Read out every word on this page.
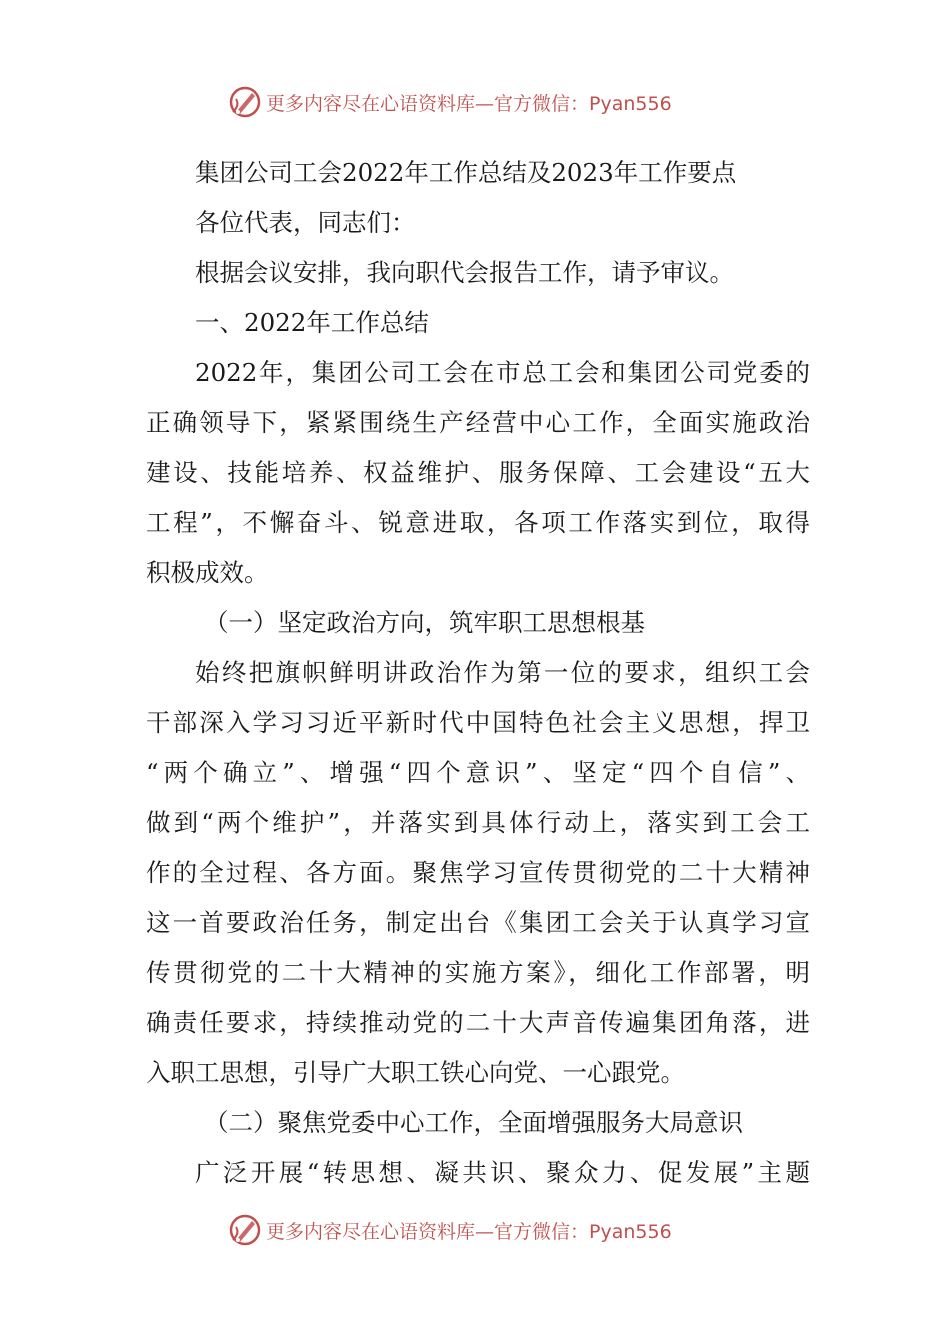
更多内容尽在心语资料库—官方微信：Pyan556
集团公司工会2022年工作总结及2023年工作要点
各位代表，同志们：
根据会议安排，我向职代会报告工作，请予审议。
一、2022年工作总结
2022年，集团公司工会在市总工会和集团公司党委的
正确领导下，紧紧围绕生产经营中心工作，全面实施政治
建设、技能培养、权益维护、服务保障、工会建设“五大
工程”，不懈奋斗、锐意进取，各项工作落实到位，取得
积极成效。
（一）坚定政治方向，筑牢职工思想根基
始终把旗帜鲜明讲政治作为第一位的要求，组织工会
干部深入学习习近平新时代中国特色社会主义思想，捍卫
“两个确立”、增强“四个意识”、坚定“四个自信”、
做到“两个维护”，并落实到具体行动上，落实到工会工
作的全过程、各方面。聚焦学习宣传贯彻党的二十大精神
这一首要政治任务，制定出台《集团工会关于认真学习宣
传贯彻党的二十大精神的实施方案》，细化工作部署，明
确责任要求，持续推动党的二十大声音传遍集团角落，进
入职工思想，引导广大职工铁心向党、一心跟党。
（二）聚焦党委中心工作，全面增强服务大局意识
广泛开展“转思想、凝共识、聚众力、促发展”主题
更多内容尽在心语资料库—官方微信：Pyan556
